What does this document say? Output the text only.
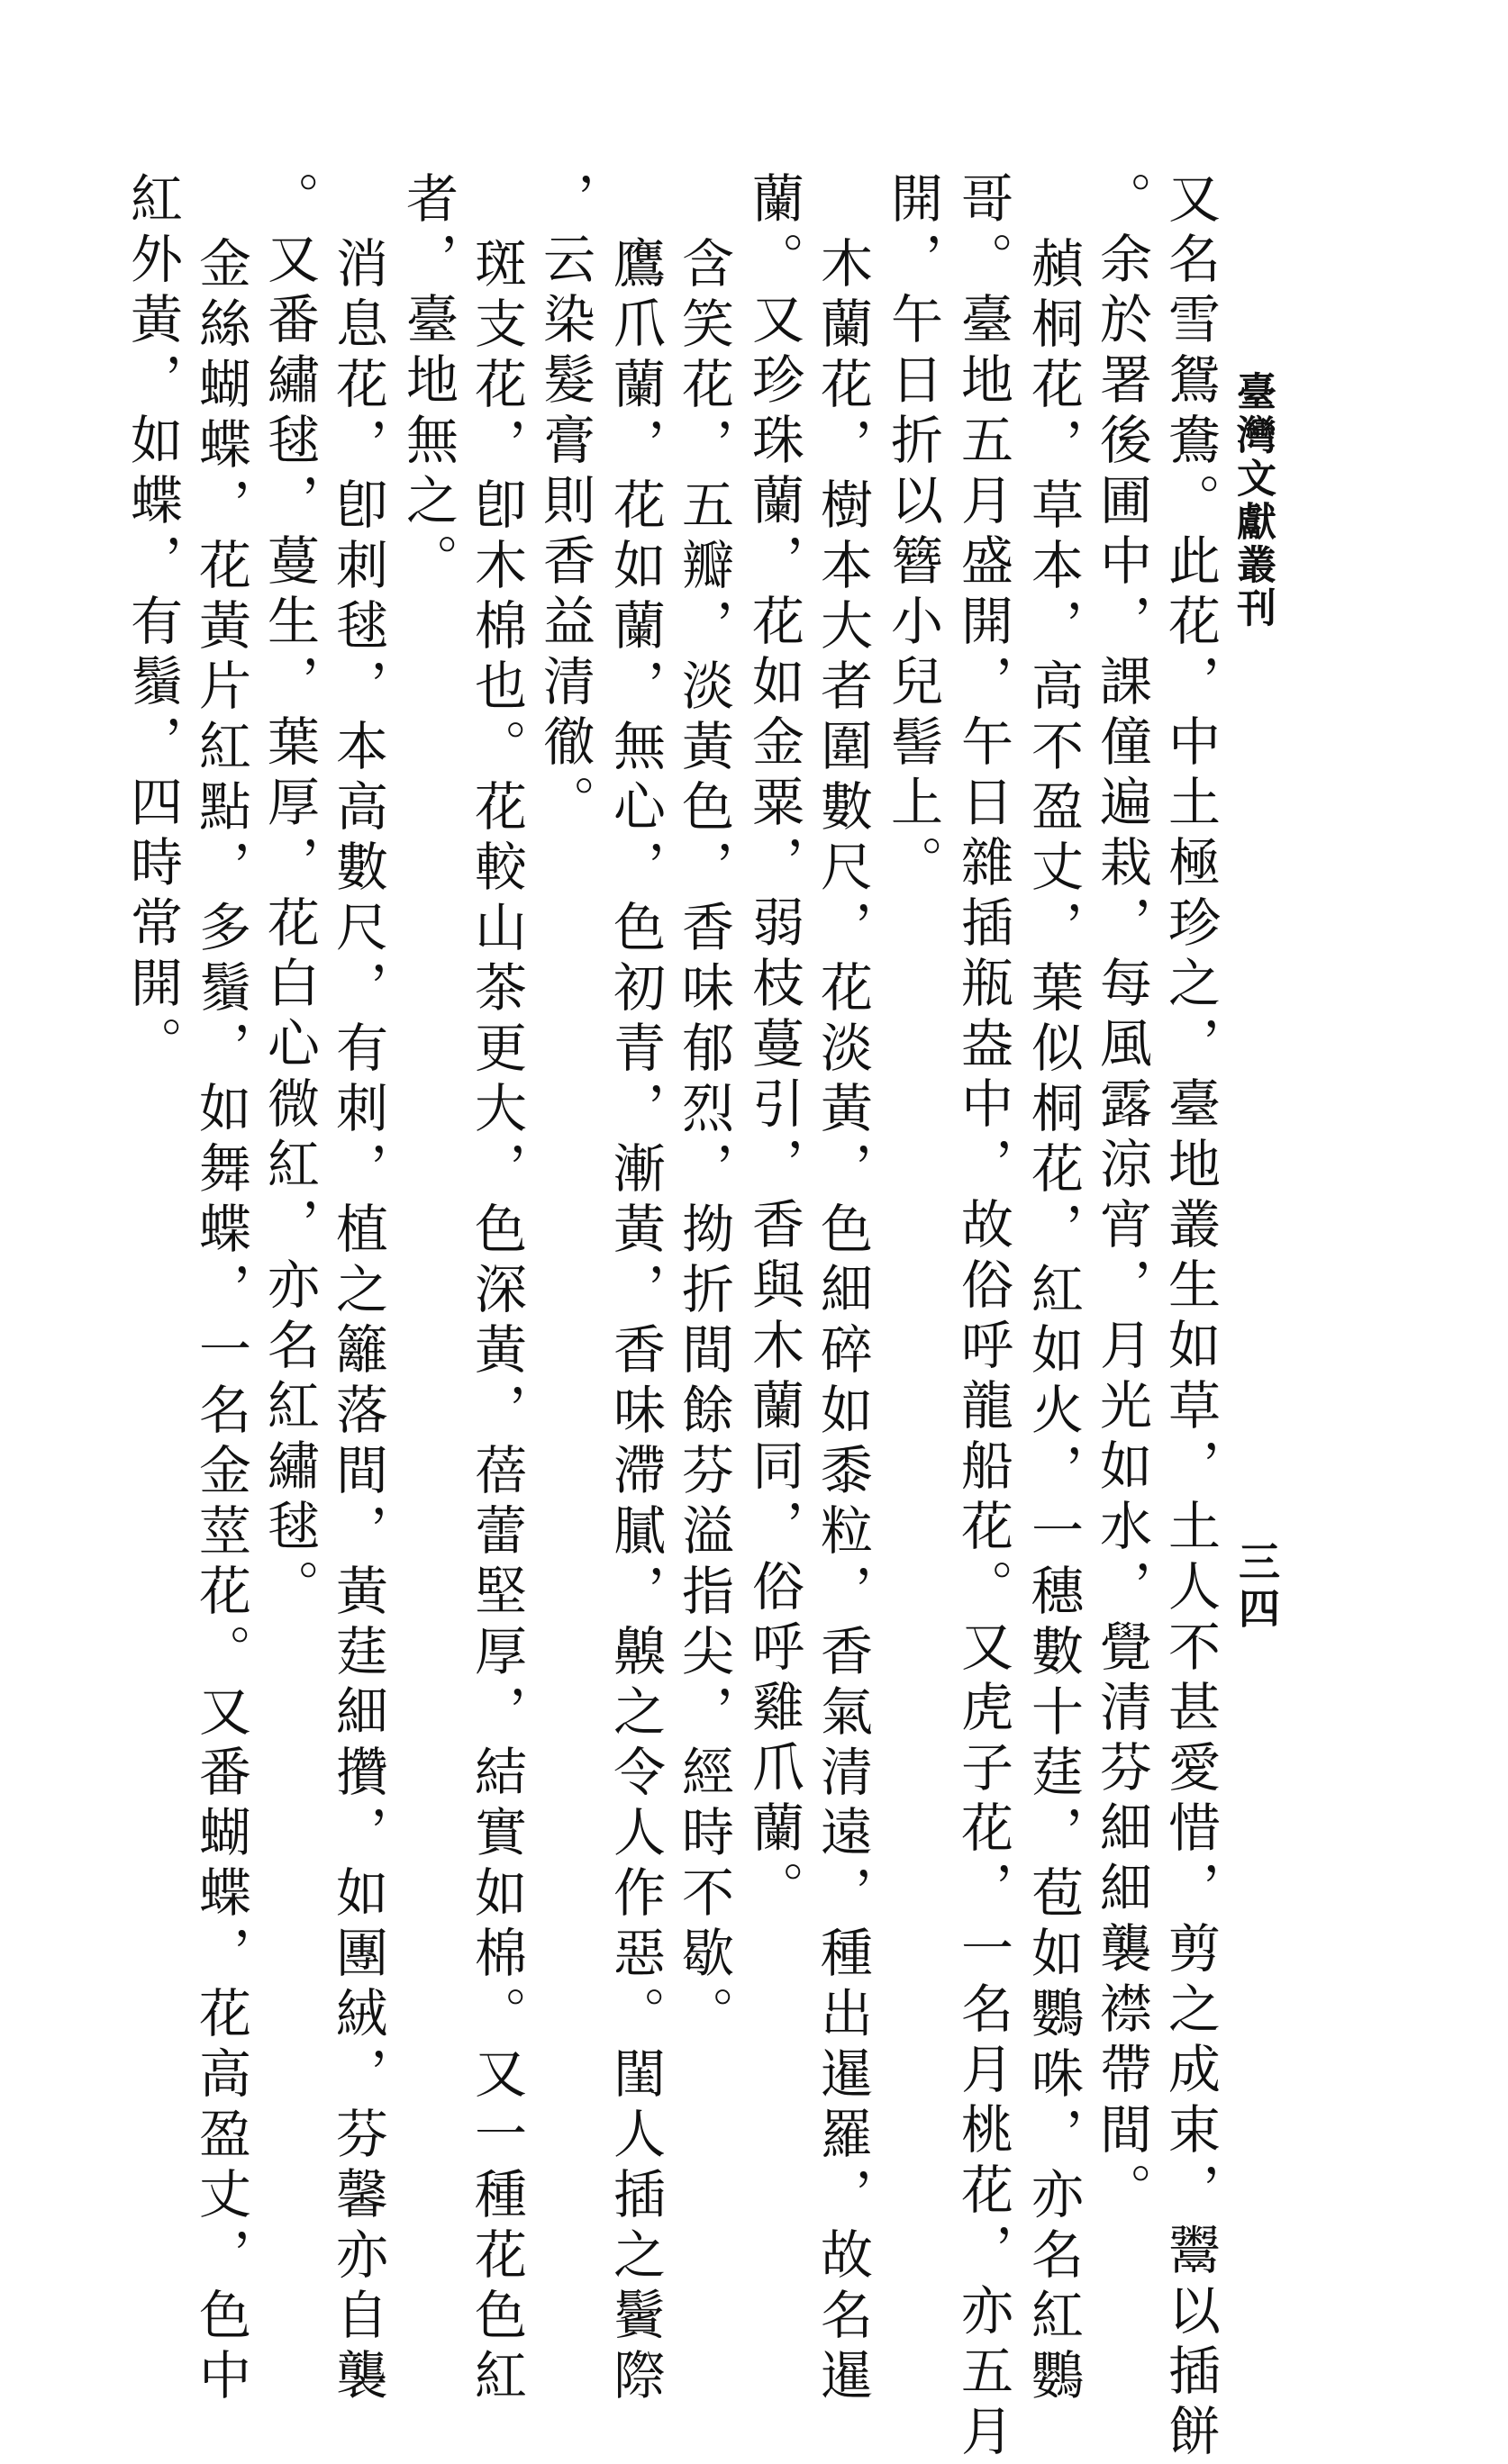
臺灣文獻叢刊
三四
又名雪鴛鴦。此花，中土極珍之，臺地叢生如草，土人不甚愛惜，剪之成束，鬻以插餅
。余於署後圃中，課僮遍栽，每風露涼宵，月光如水，覺清芬細細襲襟帶間。
赬桐花，草本，高不盈丈，葉似桐花，紅如火，一穗數十莛，苞如鸚咮，亦名紅鸚
哥。臺地五月盛開，午日雜插瓶盎中，故俗呼龍船花。又虎子花，一名月桃花，亦五月
開，午日折以簪小兒髻上。
木蘭花，樹本大者圍數尺，花淡黃，色細碎如黍粒，香氣清遠，種出暹羅，故名暹
蘭。又珍珠蘭，花如金粟，弱枝蔓引，香與木蘭同，俗呼雞爪蘭。
含笑花，五瓣，淡黃色，香味郁烈，拗折間餘芬溢指尖，經時不歇。
鷹爪蘭，花如蘭，無心，色初青，漸黃，香味滯膩，齅之令人作惡。閨人插之鬢際
，云染髮膏則香益清徹。
斑支花，卽木棉也。花較山茶更大，色深黃，蓓蕾堅厚，結實如棉。又一種花色紅
者，臺地無之。
消息花，卽刺毬，本高數尺，有刺，植之籬落間，黃莛細攢，如團絨，芬馨亦自襲
。又番繡毬，蔓生，葉厚，花白心微紅，亦名紅繡毬。
金絲蝴蝶，花黃片紅點，多鬚，如舞蝶，一名金莖花。又番蝴蝶，花高盈丈，色中
紅外黃，如蝶，有鬚，四時常開。
